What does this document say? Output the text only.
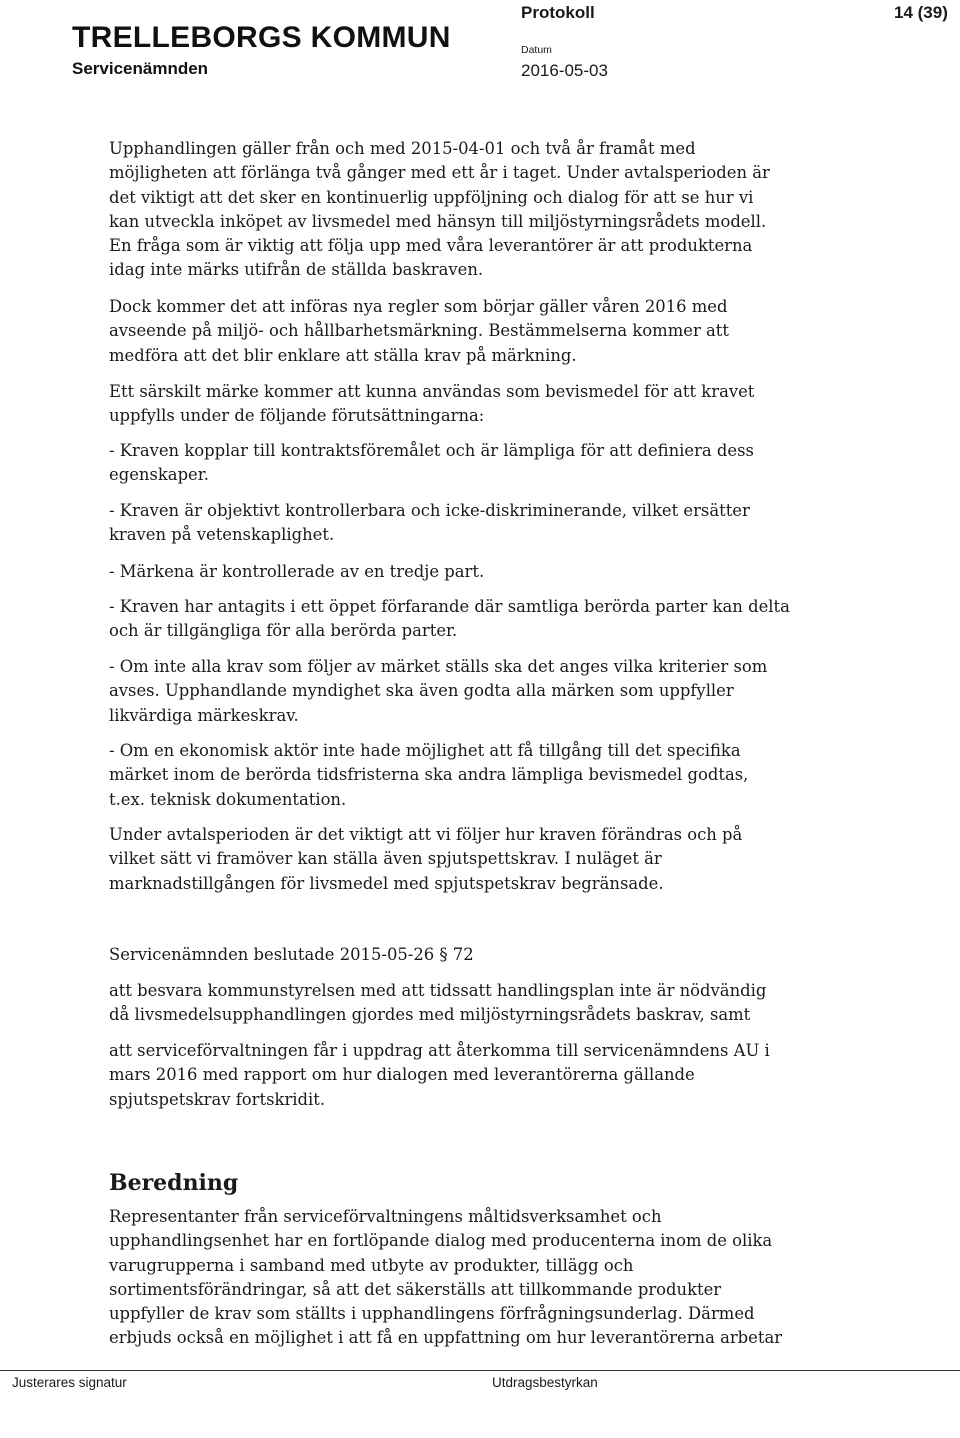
TRELLEBORGS KOMMUN
Servicenämnden
Protokoll	14 (39)
Datum
2016-05-03

Upphandlingen gäller från och med 2015-04-01 och två år framåt med
möjligheten att förlänga två gånger med ett år i taget. Under avtalsperioden är
det viktigt att det sker en kontinuerlig uppföljning och dialog för att se hur vi
kan utveckla inköpet av livsmedel med hänsyn till miljöstyrningsrådets modell.
En fråga som är viktig att följa upp med våra leverantörer är att produkterna
idag inte märks utifrån de ställda baskraven.

Dock kommer det att införas nya regler som börjar gäller våren 2016 med
avseende på miljö- och hållbarhetsmärkning. Bestämmelserna kommer att
medföra att det blir enklare att ställa krav på märkning.

Ett särskilt märke kommer att kunna användas som bevismedel för att kravet
uppfylls under de följande förutsättningarna:

- Kraven kopplar till kontraktsföremålet och är lämpliga för att definiera dess
egenskaper.

- Kraven är objektivt kontrollerbara och icke-diskriminerande, vilket ersätter
kraven på vetenskaplighet.

- Märkena är kontrollerade av en tredje part.

- Kraven har antagits i ett öppet förfarande där samtliga berörda parter kan delta
och är tillgängliga för alla berörda parter.

- Om inte alla krav som följer av märket ställs ska det anges vilka kriterier som
avses. Upphandlande myndighet ska även godta alla märken som uppfyller
likvärdiga märkeskrav.

- Om en ekonomisk aktör inte hade möjlighet att få tillgång till det specifika
märket inom de berörda tidsfristerna ska andra lämpliga bevismedel godtas,
t.ex. teknisk dokumentation.

Under avtalsperioden är det viktigt att vi följer hur kraven förändras och på
vilket sätt vi framöver kan ställa även spjutspettskrav. I nuläget är
marknadstillgången för livsmedel med spjutspetskrav begränsade.

Servicenämnden beslutade 2015-05-26 § 72

att besvara kommunstyrelsen med att tidssatt handlingsplan inte är nödvändig
då livsmedelsupphandlingen gjordes med miljöstyrningsrådets baskrav, samt

att serviceförvaltningen får i uppdrag att återkomma till servicenämndens AU i
mars 2016 med rapport om hur dialogen med leverantörerna gällande
spjutspetskrav fortskridit.

Beredning

Representanter från serviceförvaltningens måltidsverksamhet och
upphandlingsenhet har en fortlöpande dialog med producenterna inom de olika
varugrupperna i samband med utbyte av produkter, tillägg och
sortimentsförändringar, så att det säkerställs att tillkommande produkter
uppfyller de krav som ställts i upphandlingens förfrågningsunderlag. Därmed
erbjuds också en möjlighet i att få en uppfattning om hur leverantörerna arbetar

Justerares signatur	Utdragsbestyrkan
